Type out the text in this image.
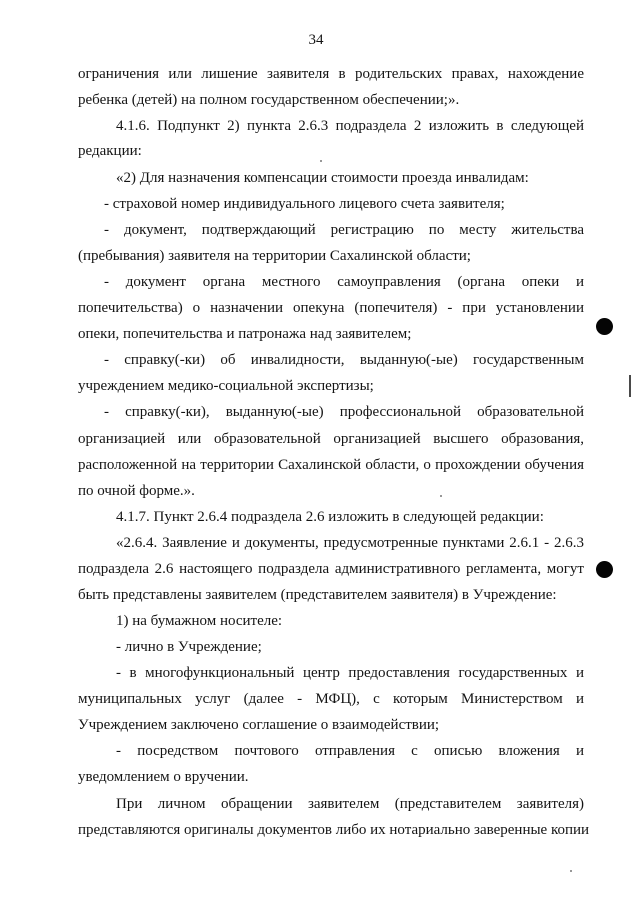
34
ограничения или лишение заявителя в родительских правах, нахождение
ребенка (детей) на полном государственном обеспечении;».
4.1.6. Подпункт 2) пункта 2.6.3 подраздела 2 изложить в следующей
редакции:
«2) Для назначения компенсации стоимости проезда инвалидам:
- страховой номер индивидуального лицевого счета заявителя;
- документ, подтверждающий регистрацию по месту жительства
(пребывания) заявителя на территории Сахалинской области;
- документ органа местного самоуправления (органа опеки и
попечительства) о назначении опекуна (попечителя) - при установлении
опеки, попечительства и патронажа над заявителем;
- справку(-ки) об инвалидности, выданную(-ые) государственным
учреждением медико-социальной экспертизы;
- справку(-ки), выданную(-ые) профессиональной образовательной
организацией или образовательной организацией высшего образования,
расположенной на территории Сахалинской области, о прохождении обучения
по очной форме.».
4.1.7. Пункт 2.6.4 подраздела 2.6 изложить в следующей редакции:
«2.6.4. Заявление и документы, предусмотренные пунктами 2.6.1 - 2.6.3
подраздела 2.6 настоящего подраздела административного регламента, могут
быть представлены заявителем (представителем заявителя) в Учреждение:
1) на бумажном носителе:
- лично в Учреждение;
- в многофункциональный центр предоставления государственных и
муниципальных услуг (далее - МФЦ), с которым Министерством и
Учреждением заключено соглашение о взаимодействии;
- посредством почтового отправления с описью вложения и
уведомлением о вручении.
При личном обращении заявителем (представителем заявителя)
представляются оригиналы документов либо их нотариально заверенные копии
